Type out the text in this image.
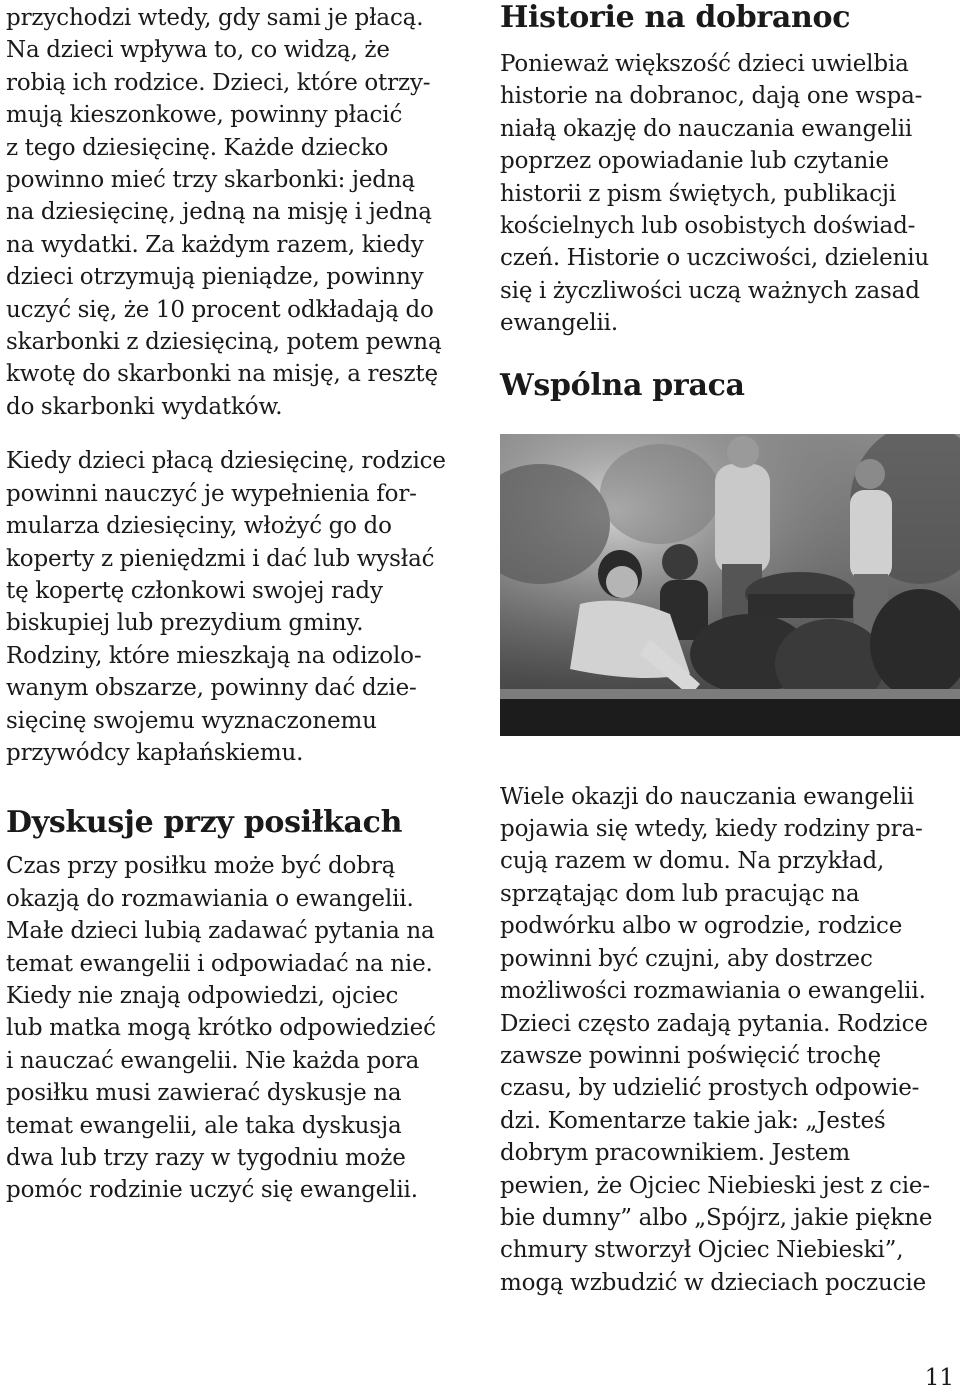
przychodzi wtedy, gdy sami je płacą.
Na dzieci wpływa to, co widzą, że
robią ich rodzice. Dzieci, które otrzy-
mują kieszonkowe, powinny płacić
z tego dziesięcinę. Każde dziecko
powinno mieć trzy skarbonki: jedną
na dziesięcinę, jedną na misję i jedną
na wydatki. Za każdym razem, kiedy
dzieci otrzymują pieniądze, powinny
uczyć się, że 10 procent odkładają do
skarbonki z dziesięciną, potem pewną
kwotę do skarbonki na misję, a resztę
do skarbonki wydatków.

Kiedy dzieci płacą dziesięcinę, rodzice
powinni nauczyć je wypełnienia for-
mularza dziesięciny, włożyć go do
koperty z pieniędzmi i dać lub wysłać
tę kopertę członkowi swojej rady
biskupiej lub prezydium gminy.
Rodziny, które mieszkają na odizolo-
wanym obszarze, powinny dać dzie-
sięcinę swojemu wyznaczonemu
przywódcy kapłańskiemu.

Dyskusje przy posiłkach

Czas przy posiłku może być dobrą
okazją do rozmawiania o ewangelii.
Małe dzieci lubią zadawać pytania na
temat ewangelii i odpowiadać na nie.
Kiedy nie znają odpowiedzi, ojciec
lub matka mogą krótko odpowiedzieć
i nauczać ewangelii. Nie każda pora
posiłku musi zawierać dyskusje na
temat ewangelii, ale taka dyskusja
dwa lub trzy razy w tygodniu może
pomóc rodzinie uczyć się ewangelii.

Historie na dobranoc

Ponieważ większość dzieci uwielbia
historie na dobranoc, dają one wspa-
niałą okazję do nauczania ewangelii
poprzez opowiadanie lub czytanie
historii z pism świętych, publikacji
kościelnych lub osobistych doświad-
czeń. Historie o uczciwości, dzieleniu
się i życzliwości uczą ważnych zasad
ewangelii.

Wspólna praca

Wiele okazji do nauczania ewangelii
pojawia się wtedy, kiedy rodziny pra-
cują razem w domu. Na przykład,
sprzątając dom lub pracując na
podwórku albo w ogrodzie, rodzice
powinni być czujni, aby dostrzec
możliwości rozmawiania o ewangelii.
Dzieci często zadają pytania. Rodzice
zawsze powinni poświęcić trochę
czasu, by udzielić prostych odpowie-
dzi. Komentarze takie jak: „Jesteś
dobrym pracownikiem. Jestem
pewien, że Ojciec Niebieski jest z cie-
bie dumny” albo „Spójrz, jakie piękne
chmury stworzył Ojciec Niebieski”,
mogą wzbudzić w dzieciach poczucie

11
